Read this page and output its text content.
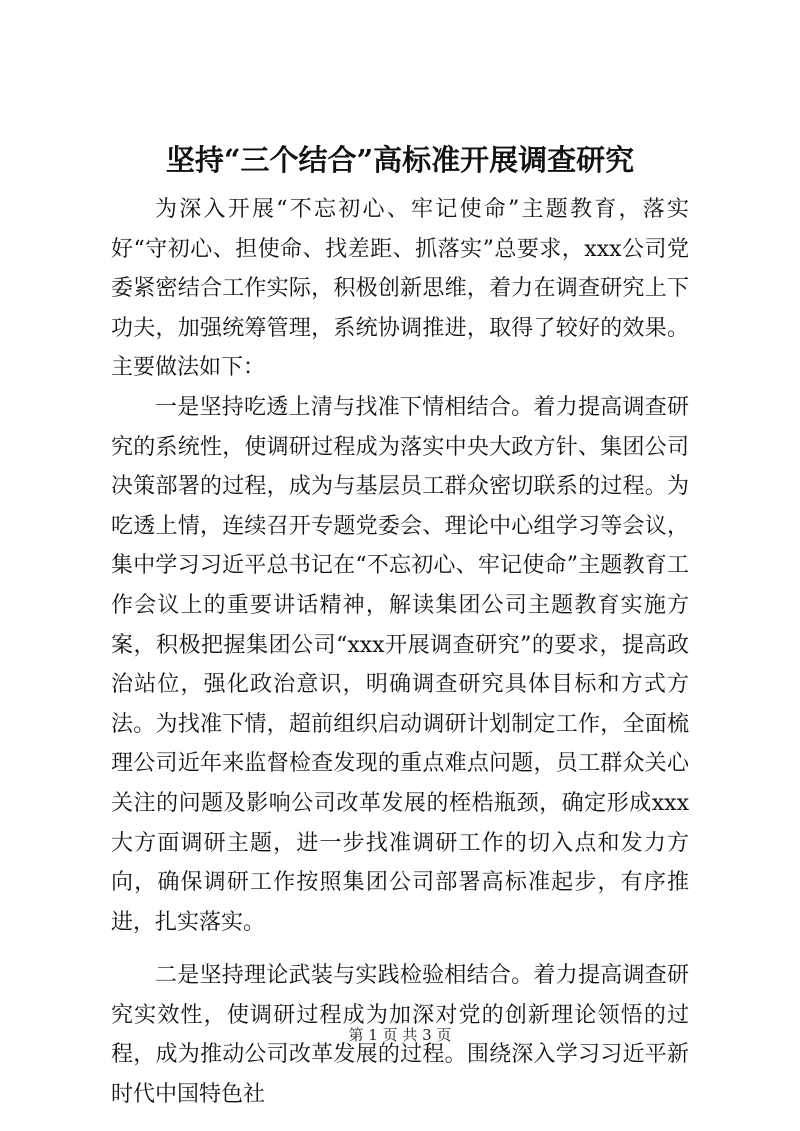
坚持“三个结合”高标准开展调查研究

为深入开展“不忘初心、牢记使命”主题教育，落实好“守初心、担使命、找差距、抓落实”总要求，xxx公司党委紧密结合工作实际，积极创新思维，着力在调查研究上下功夫，加强统筹管理，系统协调推进，取得了较好的效果。主要做法如下：

一是坚持吃透上清与找准下情相结合。着力提高调查研究的系统性，使调研过程成为落实中央大政方针、集团公司决策部署的过程，成为与基层员工群众密切联系的过程。为吃透上情，连续召开专题党委会、理论中心组学习等会议，集中学习习近平总书记在“不忘初心、牢记使命”主题教育工作会议上的重要讲话精神，解读集团公司主题教育实施方案，积极把握集团公司“xxx开展调查研究”的要求，提高政治站位，强化政治意识，明确调查研究具体目标和方式方法。为找准下情，超前组织启动调研计划制定工作，全面梳理公司近年来监督检查发现的重点难点问题，员工群众关心关注的问题及影响公司改革发展的桎梏瓶颈，确定形成xxx大方面调研主题，进一步找准调研工作的切入点和发力方向，确保调研工作按照集团公司部署高标准起步，有序推进，扎实落实。

二是坚持理论武装与实践检验相结合。着力提高调查研究实效性，使调研过程成为加深对党的创新理论领悟的过程，成为推动公司改革发展的过程。围绕深入学习习近平新时代中国特色社

第 1 页 共 3 页
